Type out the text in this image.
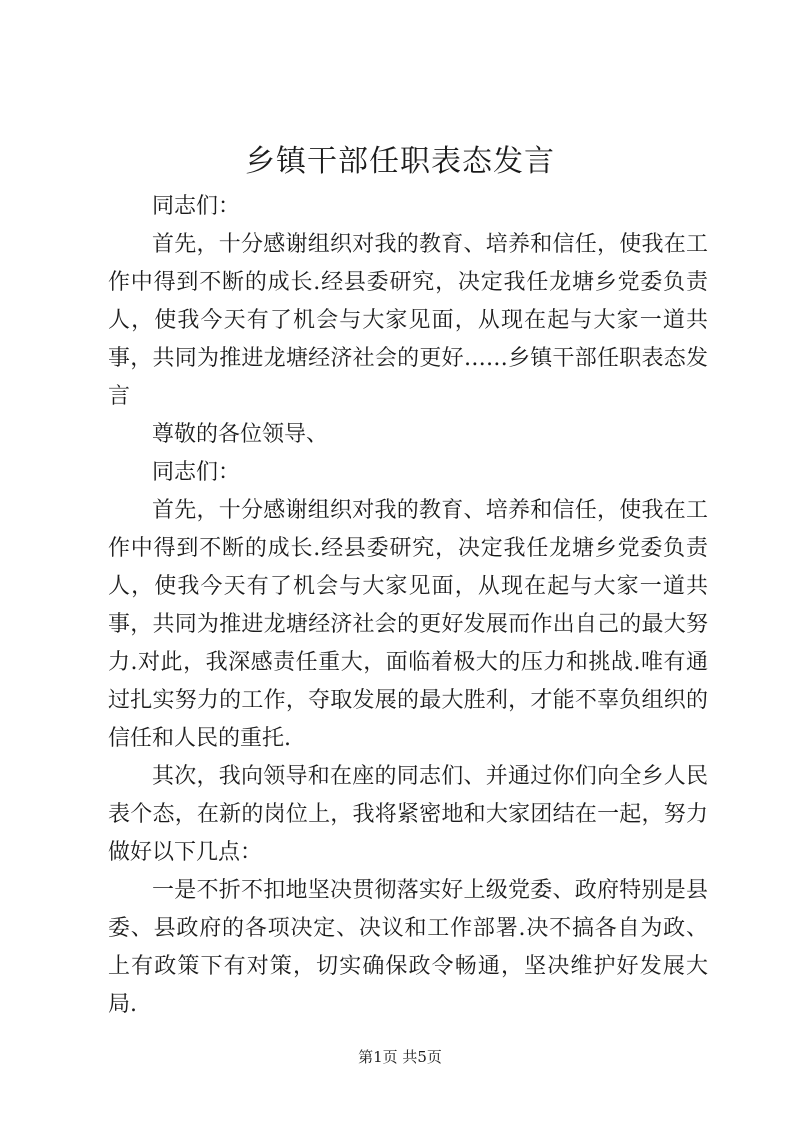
乡镇干部任职表态发言

同志们：

首先，十分感谢组织对我的教育、培养和信任，使我在工作中得到不断的成长.经县委研究，决定我任龙塘乡党委负责人，使我今天有了机会与大家见面，从现在起与大家一道共事，共同为推进龙塘经济社会的更好……乡镇干部任职表态发言

尊敬的各位领导、

同志们：

首先，十分感谢组织对我的教育、培养和信任，使我在工作中得到不断的成长.经县委研究，决定我任龙塘乡党委负责人，使我今天有了机会与大家见面，从现在起与大家一道共事，共同为推进龙塘经济社会的更好发展而作出自己的最大努力.对此，我深感责任重大，面临着极大的压力和挑战.唯有通过扎实努力的工作，夺取发展的最大胜利，才能不辜负组织的信任和人民的重托.

其次，我向领导和在座的同志们、并通过你们向全乡人民表个态，在新的岗位上，我将紧密地和大家团结在一起，努力做好以下几点：

一是不折不扣地坚决贯彻落实好上级党委、政府特别是县委、县政府的各项决定、决议和工作部署.决不搞各自为政、上有政策下有对策，切实确保政令畅通，坚决维护好发展大局.

第1页 共5页
